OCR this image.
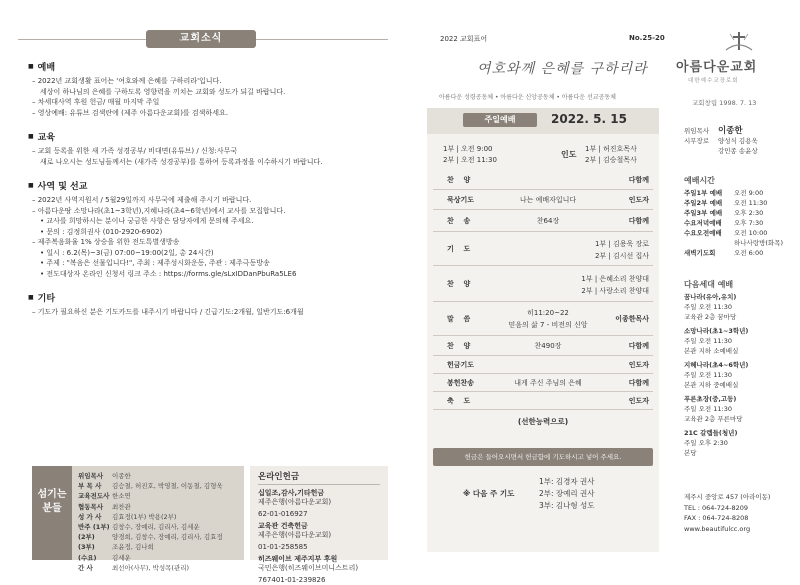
교회소식
■ 예배
– 2022년 교회생활 표어는 '여호와께 은혜를 구하리라'입니다.
세상이 하나님의 은혜를 구하도록 영향력을 끼치는 교회와 성도가 되길 바랍니다.
– 차세대사역 후원 헌금/ 매월 마지막 주일
– 영상예배: 유튜브 검색란에 (제주 아름다운교회)를 검색하세요.
■ 교육
– 교회 등록을 위한 새 가족 성경공부/ 비대면(유튜브) / 신청:사무국
새로 나오시는 성도님들께서는 (새가족 성경공부)를 통하여 등록과정을 이수하시기 바랍니다.
■ 사역 및 선교
– 2022년 사역지원서 / 5월29일까지 사무국에 제출해 주시기 바랍니다.
– 아름다운땅 소망나라(초1~3학년),지혜나라(초4~6학년)에서 교사를 모집합니다.
• 교사를 희망하시는 분이나 궁금한 사항은 담당자에게 문의해 주세요.
• 문의 : 김정희권사 (010-2920-6902)
– 제주복음화율 1% 상승을 위한 전도특별생방송
• 일시 : 6.2(목)~3(금) 07:00~19:00(2일, 총 24시간)
• 주제 : "복음은 선물입니다!", 주최 : 제주성시화운동, 주관 : 제주극동방송
• 전도대상자 온라인 신청서 링크 주소 : https://forms.gle/sLxIDDanPbuRa5LE6
■ 기타
– 기도가 필요하신 분은 기도카드를 내주시기 바랍니다 / 긴급기도:2개월, 일반기도:6개월
섬기는
분들
위임목사	이종한
부 목 사	김승철, 허진호, 박영철, 이동철, 김형욱
교육전도사 한소연
협동목사	최찬관
성 가 사	김효정(1부) 박용(2부)
반주 (1부) 김창수, 장예리, 김리사, 김세운
(2부)	양경희, 김창수, 장예리, 김리사, 김효정
(3부)	조윤정, 김나희
(수요)	김세운
간 사	최선아(사무), 박성목(관리)
온라인헌금
십일조,감사,기타헌금
제주은행(아름다운교회)
62-01-016927
교육관 건축헌금
제주은행(아름다운교회)
01-01-258585
히즈웨이브 제주지부 후원
국민은행(히즈웨이브미니스트리)
767401-01-239826
2022 교회표어	No.25-20
여호와께 은혜를 구하리라
아름다운 성령공동체 • 아름다운 신앙공동체 • 아름다운 선교공동체
주일예배	2022. 5. 15
1부 | 오전 9:00
2부 | 오전 11:30
인도
1부 | 허진호목사
2부 | 김승철목사
찬    양	다함께
묵상기도	나는 예배자입니다	인도자
찬    송	찬64장	다함께
기    도
1부 | 김용욱 장로
2부 | 김시선 집사
찬    양
1부 | 은혜소리 찬양대
2부 | 사랑소리 찬양대
말    씀
히11:20~22
믿음의 삶 7 - 비전의 신앙
이종한목사
찬    양	찬490장	다함께
헌금기도	인도자
봉헌찬송	내게 주신 주님의 은혜	다함께
축    도	인도자
(선한능력으로)
헌금은 들어오시면서 헌금함에 기도하시고 넣어 주세요.
※ 다음 주 기도
1부: 김경자 권사
2부: 장예리 권사
3부: 김나형 성도
아름다운교회
대한예수교장로회
교회창립 1998. 7. 13
위임목사 이종한
시무장로 양성식 김용욱
강민종 송윤상
예배시간
주일1부 예배 오전 9:00
주일2부 예배 오전 11:30
주일3부 예배 오후 2:30
수요저녁예배 오후 7:30
수요오전예배 오전 10:00
하나사랑방(화목)
새벽기도회	오전 6:00
다음세대 예배
꿈나라(유아,유치)
주일 오전 11:30
교육관 2층 꿈마당
소망나라(초1~3학년)
주일 오전 11:30
본관 지하 소예배실
지혜나라(초4~6학년)
주일 오전 11:30
본관 지하 중예배실
푸른초장(중,고등)
주일 오전 11:30
교육관 2층 푸른마당
21C 갈렙들(청년)
주일 오후 2:30
본당
제주시 중앙로 457 (아라이동)
TEL : 064-724-8209
FAX : 064-724-8208
www.beautifulcc.org
